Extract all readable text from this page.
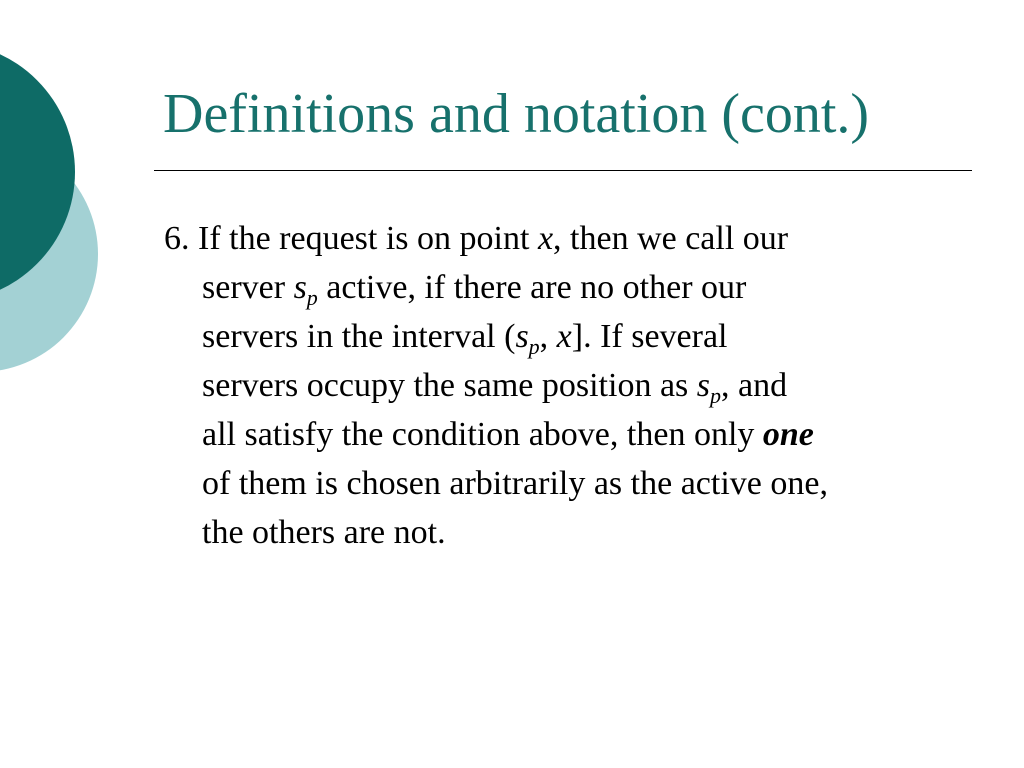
Definitions and notation (cont.)
6. If the request is on point x, then we call our
server $s_p$ active, if there are no other our
servers in the interval ($s_p$, x]. If several
servers occupy the same position as $s_p$, and
all satisfy the condition above, then only one
of them is chosen arbitrarily as the active one,
the others are not.
